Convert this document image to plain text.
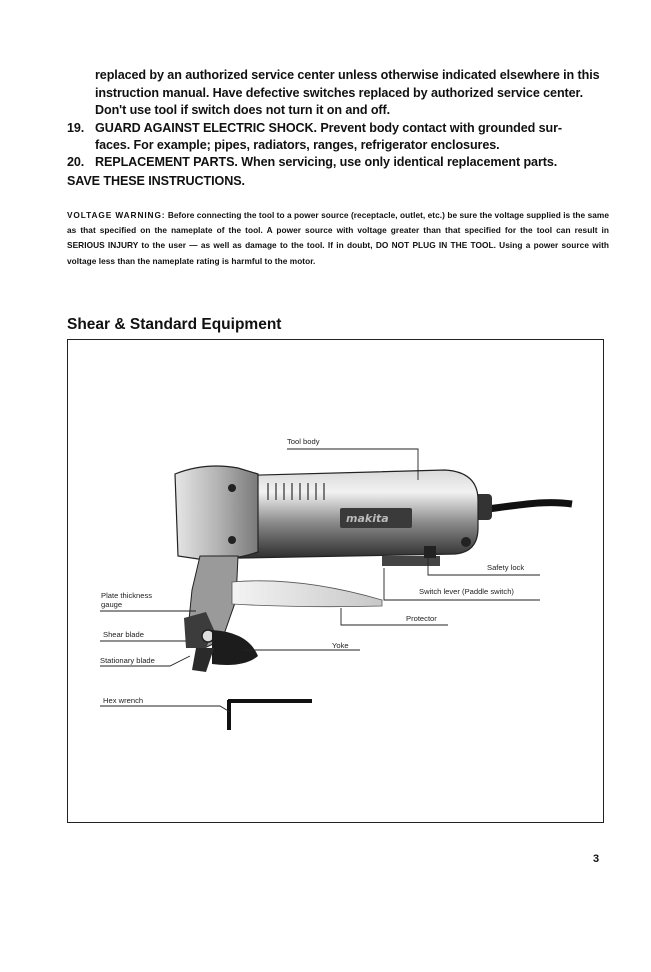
replaced by an authorized service center unless otherwise indicated elsewhere in this
instruction manual. Have defective switches replaced by authorized service center.
Don't use tool if switch does not turn it on and off.
19. GUARD AGAINST ELECTRIC SHOCK. Prevent body contact with grounded sur-
faces. For example; pipes, radiators, ranges, refrigerator enclosures.
20. REPLACEMENT PARTS. When servicing, use only identical replacement parts.
SAVE THESE INSTRUCTIONS.
VOLTAGE WARNING: Before connecting the tool to a power source (receptacle, outlet, etc.) be sure the voltage supplied is the same as that specified on the nameplate of the tool. A power source with voltage greater than that specified for the tool can result in SERIOUS INJURY to the user — as well as damage to the tool. If in doubt, DO NOT PLUG IN THE TOOL. Using a power source with voltage less than the nameplate rating is harmful to the motor.
Shear & Standard Equipment
makita
Tool body
Safety lock
Switch lever (Paddle switch)
Protector
Yoke
Plate thickness
gauge
Shear blade
Stationary blade
Hex wrench
3
